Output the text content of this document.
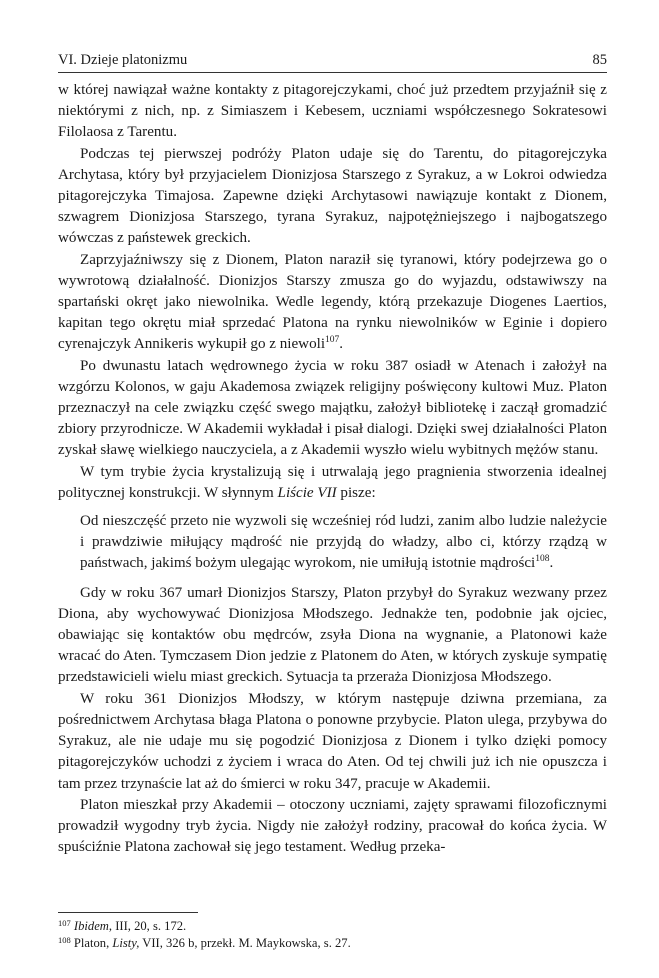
VI. Dzieje platonizmu	85

w której nawiązał ważne kontakty z pitagorejczykami, choć już przedtem przyjaźnił się z niektórymi z nich, np. z Simiaszem i Kebesem, uczniami współczesnego Sokratesowi Filolaosa z Tarentu.

Podczas tej pierwszej podróży Platon udaje się do Tarentu, do pitagorejczyka Archytasa, który był przyjacielem Dionizjosa Starszego z Syrakuz, a w Lokroi odwiedza pitagorejczyka Timajosa. Zapewne dzięki Archytasowi nawiązuje kontakt z Dionem, szwagrem Dionizjosa Starszego, tyrana Syrakuz, najpotężniejszego i najbogatszego wówczas z państewek greckich.

Zaprzyjaźniwszy się z Dionem, Platon naraził się tyranowi, który podejrzewa go o wywrotową działalność. Dionizjos Starszy zmusza go do wyjazdu, odstawiwszy na spartański okręt jako niewolnika. Wedle legendy, którą przekazuje Diogenes Laertios, kapitan tego okrętu miał sprzedać Platona na rynku niewolników w Eginie i dopiero cyrenajczyk Annikeris wykupił go z niewoli$^{107}$.

Po dwunastu latach wędrownego życia w roku 387 osiadł w Atenach i założył na wzgórzu Kolonos, w gaju Akademosa związek religijny poświęcony kultowi Muz. Platon przeznaczył na cele związku część swego majątku, założył bibliotekę i zaczął gromadzić zbiory przyrodnicze. W Akademii wykładał i pisał dialogi. Dzięki swej działalności Platon zyskał sławę wielkiego nauczyciela, a z Akademii wyszło wielu wybitnych mężów stanu.

W tym trybie życia krystalizują się i utrwalają jego pragnienia stworzenia idealnej politycznej konstrukcji. W słynnym Liście VII pisze:

Od nieszczęść przeto nie wyzwoli się wcześniej ród ludzi, zanim albo ludzie należycie i prawdziwie miłujący mądrość nie przyjdą do władzy, albo ci, którzy rządzą w państwach, jakimś bożym ulegając wyrokom, nie umiłują istotnie mądrości$^{108}$.

Gdy w roku 367 umarł Dionizjos Starszy, Platon przybył do Syrakuz wezwany przez Diona, aby wychowywać Dionizjosa Młodszego. Jednakże ten, podobnie jak ojciec, obawiając się kontaktów obu mędrców, zsyła Diona na wygnanie, a Platonowi każe wracać do Aten. Tymczasem Dion jedzie z Platonem do Aten, w których zyskuje sympatię przedstawicieli wielu miast greckich. Sytuacja ta przeraża Dionizjosa Młodszego.

W roku 361 Dionizjos Młodszy, w którym następuje dziwna przemiana, za pośrednictwem Archytasa błaga Platona o ponowne przybycie. Platon ulega, przybywa do Syrakuz, ale nie udaje mu się pogodzić Dionizjosa z Dionem i tylko dzięki pomocy pitagorejczyków uchodzi z życiem i wraca do Aten. Od tej chwili już ich nie opuszcza i tam przez trzynaście lat aż do śmierci w roku 347, pracuje w Akademii.

Platon mieszkał przy Akademii – otoczony uczniami, zajęty sprawami filozoficznymi prowadził wygodny tryb życia. Nigdy nie założył rodziny, pracował do końca życia. W spuściźnie Platona zachował się jego testament. Według przeka-

$^{107}$ Ibidem, III, 20, s. 172.

$^{108}$ Platon, Listy, VII, 326 b, przekł. M. Maykowska, s. 27.
